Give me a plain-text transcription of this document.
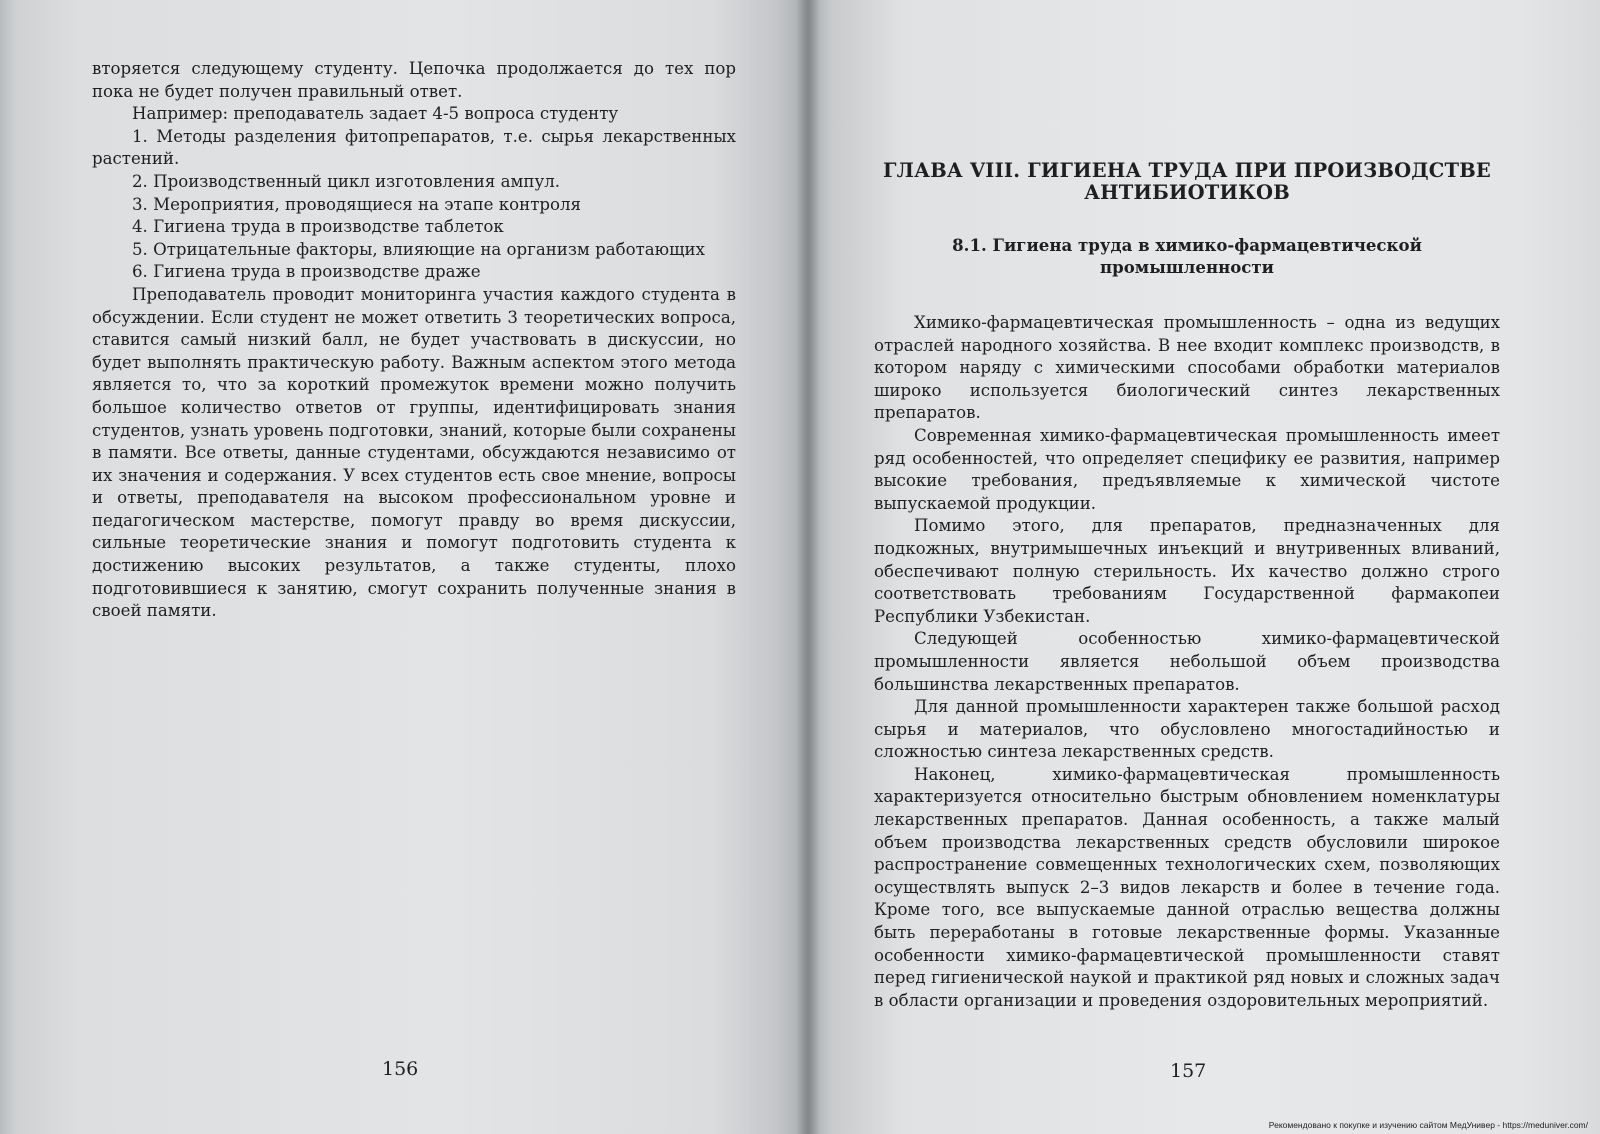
вторяется следующему студенту. Цепочка продолжается до тех пор пока не будет получен правильный ответ.

Например: преподаватель задает 4-5 вопроса студенту

1. Методы разделения фитопрепаратов, т.е. сырья лекарственных растений.

2. Производственный цикл изготовления ампул.

3. Мероприятия, проводящиеся на этапе контроля

4. Гигиена труда в производстве таблеток

5. Отрицательные факторы, влияющие на организм работающих

6. Гигиена труда в производстве драже

Преподаватель проводит мониторинга участия каждого студента в обсуждении. Если студент не может ответить 3 теоретических вопроса, ставится самый низкий балл, не будет участвовать в дискуссии, но будет выполнять практическую работу. Важным аспектом этого метода является то, что за короткий промежуток времени можно получить большое количество ответов от группы, идентифицировать знания студентов, узнать уровень подготовки, знаний, которые были сохранены в памяти. Все ответы, данные студентами, обсуждаются независимо от их значения и содержания. У всех студентов есть свое мнение, вопросы и ответы, преподавателя на высоком профессиональном уровне и педагогическом мастерстве, помогут правду во время дискуссии, сильные теоретические знания и помогут подготовить студента к достижению высоких результатов, а также студенты, плохо подготовившиеся к занятию, смогут сохранить полученные знания в своей памяти.

156
ГЛАВА VIII. ГИГИЕНА ТРУДА ПРИ ПРОИЗВОДСТВЕ АНТИБИОТИКОВ
8.1. Гигиена труда в химико-фармацевтической промышленности

Химико-фармацевтическая промышленность – одна из ведущих отраслей народного хозяйства. В нее входит комплекс производств, в котором наряду с химическими способами обработки материалов широко используется биологический синтез лекарственных препаратов.

Современная химико-фармацевтическая промышленность имеет ряд особенностей, что определяет специфику ее развития, например высокие требования, предъявляемые к химической чистоте выпускаемой продукции.

Помимо этого, для препаратов, предназначенных для подкожных, внутримышечных инъекций и внутривенных вливаний, обеспечивают полную стерильность. Их качество должно строго соответствовать требованиям Государственной фармакопеи Республики Узбекистан.

Следующей особенностью химико-фармацевтической промышленности является небольшой объем производства большинства лекарственных препаратов.

Для данной промышленности характерен также большой расход сырья и материалов, что обусловлено многостадийностью и сложностью синтеза лекарственных средств.

Наконец, химико-фармацевтическая промышленность характеризуется относительно быстрым обновлением номенклатуры лекарственных препаратов. Данная особенность, а также малый объем производства лекарственных средств обусловили широкое распространение совмещенных технологических схем, позволяющих осуществлять выпуск 2–3 видов лекарств и более в течение года. Кроме того, все выпускаемые данной отраслью вещества должны быть переработаны в готовые лекарственные формы. Указанные особенности химико-фармацевтической промышленности ставят перед гигиенической наукой и практикой ряд новых и сложных задач в области организации и проведения оздоровительных мероприятий.

157
Рекомендовано к покупке и изучению сайтом МедУнивер - https://meduniver.com/
